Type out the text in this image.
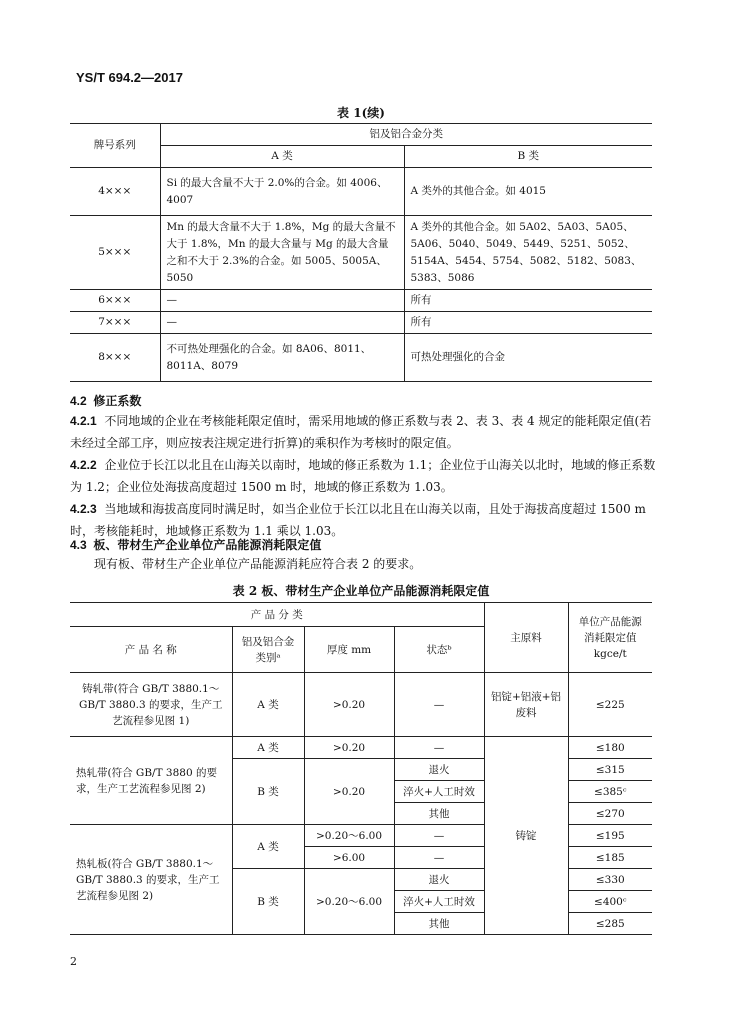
YS/T 694.2—2017
表 1(续)
牌号系列	铝及铝合金分类	
	A 类	B 类
4×××	Si 的最大含量不大于 2.0%的合金。如 4006、4007	A 类外的其他合金。如 4015
5×××	Mn 的最大含量不大于 1.8%，Mg 的最大含量不大于 1.8%，Mn 的最大含量与 Mg 的最大含量之和不大于 2.3%的合金。如 5005、5005A、5050	A 类外的其他合金。如 5A02、5A03、5A05、5A06、5040、5049、5449、5251、5052、5154A、5454、5754、5082、5182、5083、5383、5086
6×××	—	所有
7×××	—	所有
8×××	不可热处理强化的合金。如 8A06、8011、8011A、8079	可热处理强化的合金
4.2 修正系数
4.2.1 不同地域的企业在考核能耗限定值时，需采用地域的修正系数与表 2、表 3、表 4 规定的能耗限定值(若未经过全部工序，则应按表注规定进行折算)的乘积作为考核时的限定值。
4.2.2 企业位于长江以北且在山海关以南时，地域的修正系数为 1.1；企业位于山海关以北时，地域的修正系数为 1.2；企业位处海拔高度超过 1500 m 时，地域的修正系数为 1.03。
4.2.3 当地域和海拔高度同时满足时，如当企业位于长江以北且在山海关以南，且处于海拔高度超过 1500 m 时，考核能耗时，地域修正系数为 1.1 乘以 1.03。
4.3 板、带材生产企业单位产品能源消耗限定值
现有板、带材生产企业单位产品能源消耗应符合表 2 的要求。
表 2 板、带材生产企业单位产品能源消耗限定值
产 品 分 类				主原料	单位产品能源消耗限定值 kgce/t
产 品 名 称	铝及铝合金类别ᵃ	厚度 mm	状态ᵇ		
铸轧带(符合 GB/T 3880.1～GB/T 3880.3 的要求，生产工艺流程参见图 1)	A 类	>0.20	—	铝锭+铝液+铝废料	≤225
热轧带(符合 GB/T 3880 的要求，生产工艺流程参见图 2)	A 类	>0.20	—	铸锭	≤180
	B 类	>0.20	退火		≤315
			淬火+人工时效		≤385ᶜ
			其他		≤270
热轧板(符合 GB/T 3880.1～GB/T 3880.3 的要求，生产工艺流程参见图 2)	A 类	>0.20～6.00	—		≤195
		>6.00	—		≤185
	B 类	>0.20～6.00	退火		≤330
			淬火+人工时效		≤400ᶜ
			其他		≤285
2
